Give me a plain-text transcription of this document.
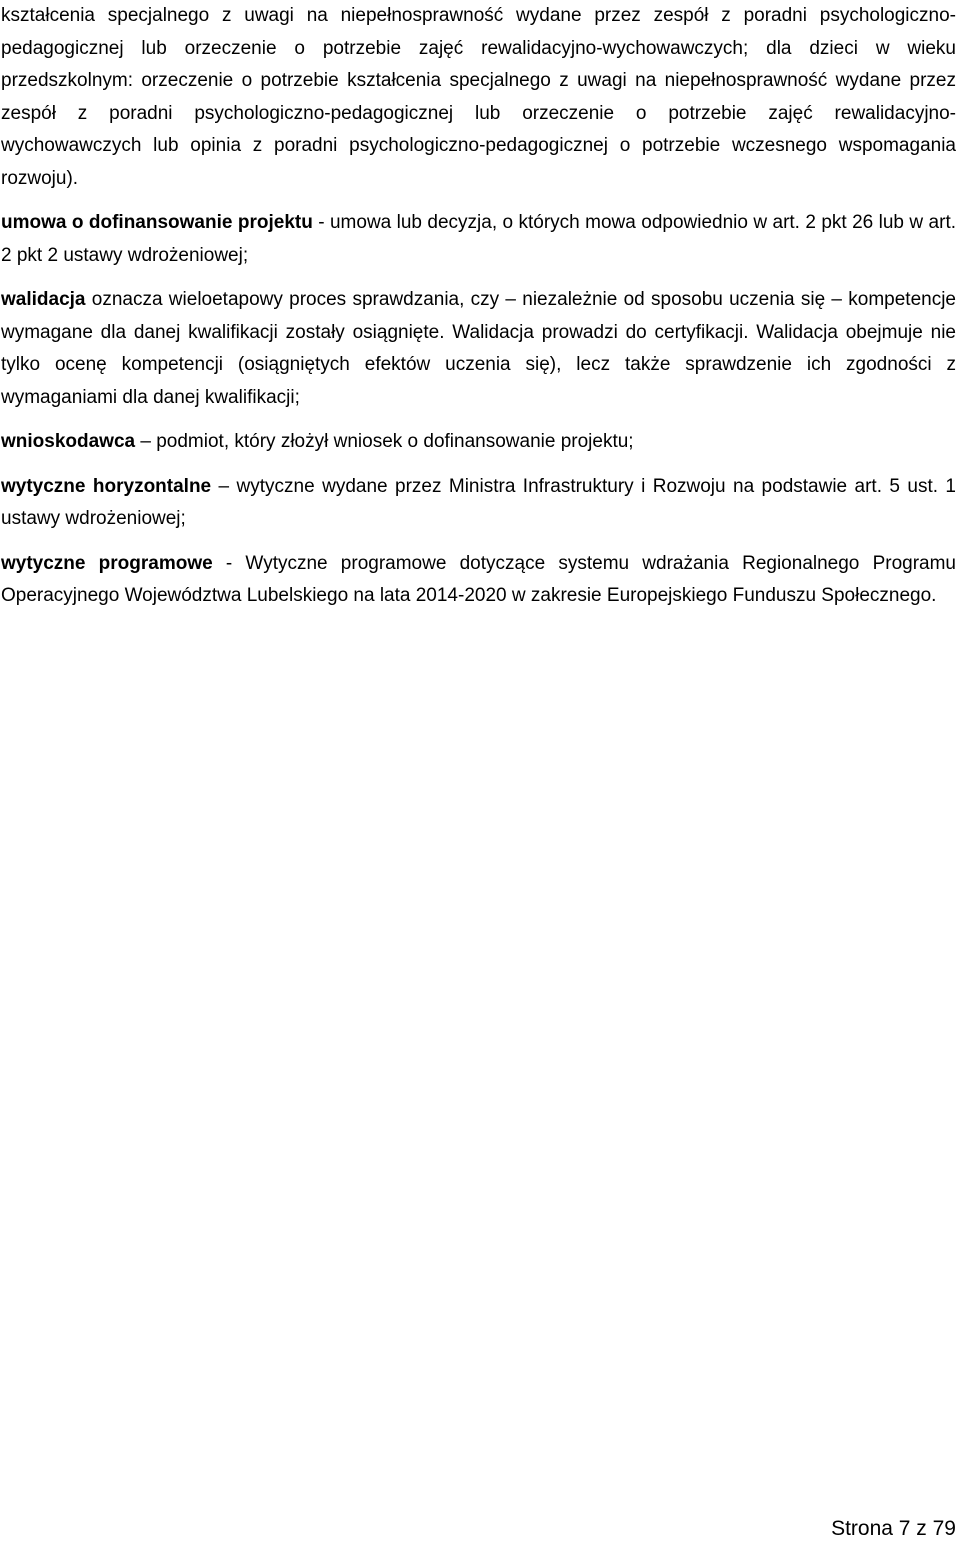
kształcenia specjalnego z uwagi na niepełnosprawność wydane przez zespół z poradni psychologiczno-pedagogicznej lub orzeczenie o potrzebie zajęć rewalidacyjno-wychowawczych; dla dzieci w wieku przedszkolnym: orzeczenie o potrzebie kształcenia specjalnego z uwagi na niepełnosprawność wydane przez zespół z poradni psychologiczno-pedagogicznej lub orzeczenie o potrzebie zajęć rewalidacyjno-wychowawczych lub opinia z poradni psychologiczno-pedagogicznej o potrzebie wczesnego wspomagania rozwoju).

umowa o dofinansowanie projektu - umowa lub decyzja, o których mowa odpowiednio w art. 2 pkt 26 lub w art. 2 pkt 2 ustawy wdrożeniowej;

walidacja oznacza wieloetapowy proces sprawdzania, czy – niezależnie od sposobu uczenia się – kompetencje wymagane dla danej kwalifikacji zostały osiągnięte. Walidacja prowadzi do certyfikacji. Walidacja obejmuje nie tylko ocenę kompetencji (osiągniętych efektów uczenia się), lecz także sprawdzenie ich zgodności z wymaganiami dla danej kwalifikacji;

wnioskodawca – podmiot, który złożył wniosek o dofinansowanie projektu;

wytyczne horyzontalne – wytyczne wydane przez Ministra Infrastruktury i Rozwoju na podstawie art. 5 ust. 1 ustawy wdrożeniowej;

wytyczne programowe - Wytyczne programowe dotyczące systemu wdrażania Regionalnego Programu Operacyjnego Województwa Lubelskiego na lata 2014-2020 w zakresie Europejskiego Funduszu Społecznego.

Strona 7 z 79
